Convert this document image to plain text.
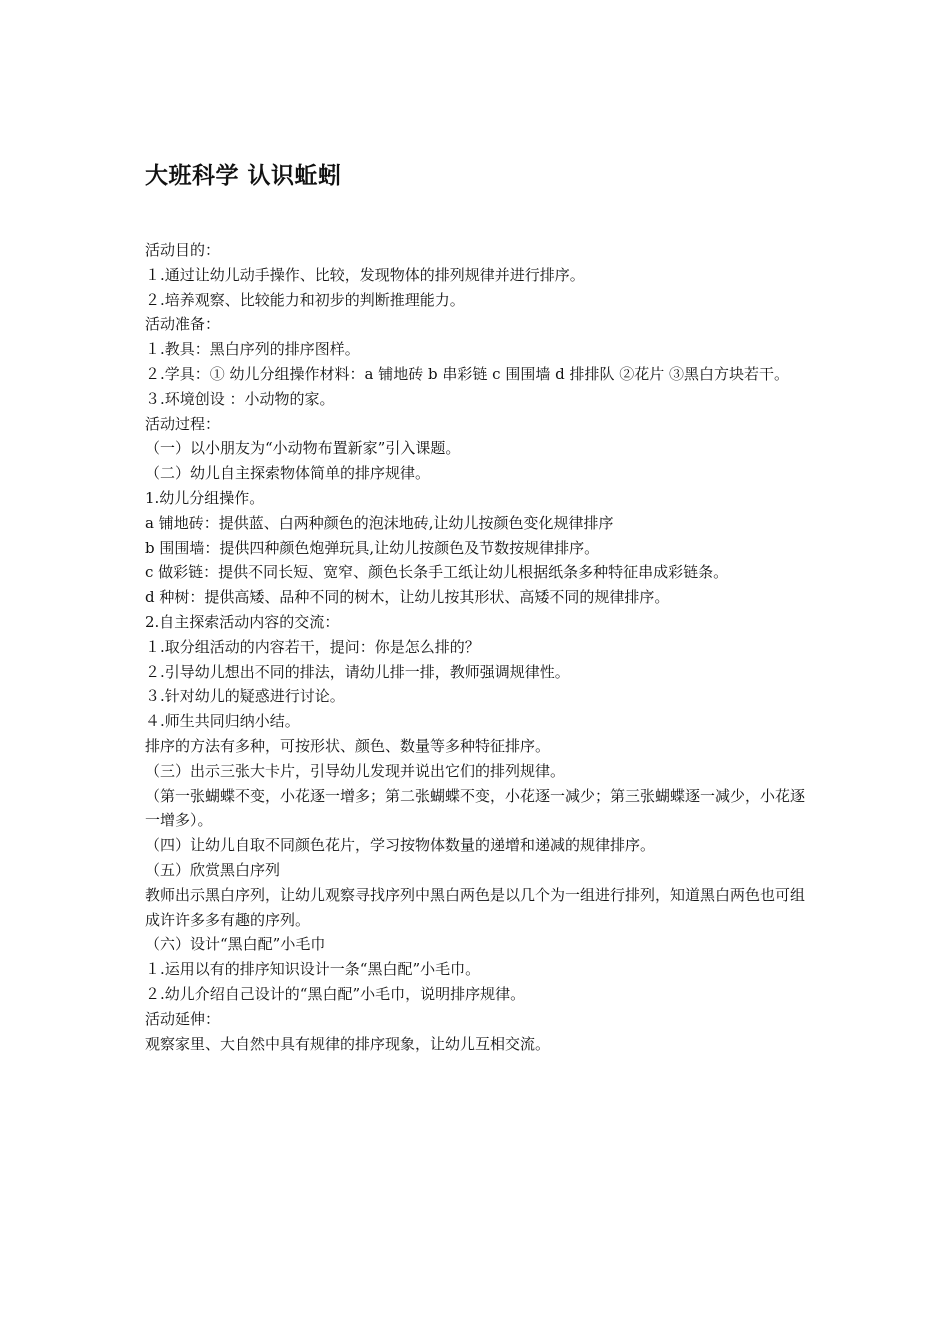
大班科学 认识蚯蚓
活动目的：
１.通过让幼儿动手操作、比较，发现物体的排列规律并进行排序。
２.培养观察、比较能力和初步的判断推理能力。
活动准备：
１.教具：黑白序列的排序图样。
２.学具：① 幼儿分组操作材料：a 铺地砖 b 串彩链 c 围围墙 d 排排队 ②花片 ③黑白方块若干。
３.环境创设 ：小动物的家。
活动过程：
（一）以小朋友为“小动物布置新家”引入课题。
（二）幼儿自主探索物体简单的排序规律。
1.幼儿分组操作。
a 铺地砖：提供蓝、白两种颜色的泡沫地砖,让幼儿按颜色变化规律排序
b 围围墙：提供四种颜色炮弹玩具,让幼儿按颜色及节数按规律排序。
c 做彩链：提供不同长短、宽窄、颜色长条手工纸让幼儿根据纸条多种特征串成彩链条。
d 种树：提供高矮、品种不同的树木，让幼儿按其形状、高矮不同的规律排序。
2.自主探索活动内容的交流：
１.取分组活动的内容若干，提问：你是怎么排的？
２.引导幼儿想出不同的排法，请幼儿排一排，教师强调规律性。
３.针对幼儿的疑惑进行讨论。
４.师生共同归纳小结。
排序的方法有多种，可按形状、颜色、数量等多种特征排序。
（三）出示三张大卡片，引导幼儿发现并说出它们的排列规律。
（第一张蝴蝶不变，小花逐一增多；第二张蝴蝶不变，小花逐一减少；第三张蝴蝶逐一减少，小花逐一增多）。
（四）让幼儿自取不同颜色花片，学习按物体数量的递增和递减的规律排序。
（五）欣赏黑白序列
教师出示黑白序列，让幼儿观察寻找序列中黑白两色是以几个为一组进行排列，知道黑白两色也可组成许许多多有趣的序列。
（六）设计“黑白配”小毛巾
１.运用以有的排序知识设计一条“黑白配”小毛巾。
２.幼儿介绍自己设计的“黑白配”小毛巾，说明排序规律。
活动延伸：
观察家里、大自然中具有规律的排序现象，让幼儿互相交流。
